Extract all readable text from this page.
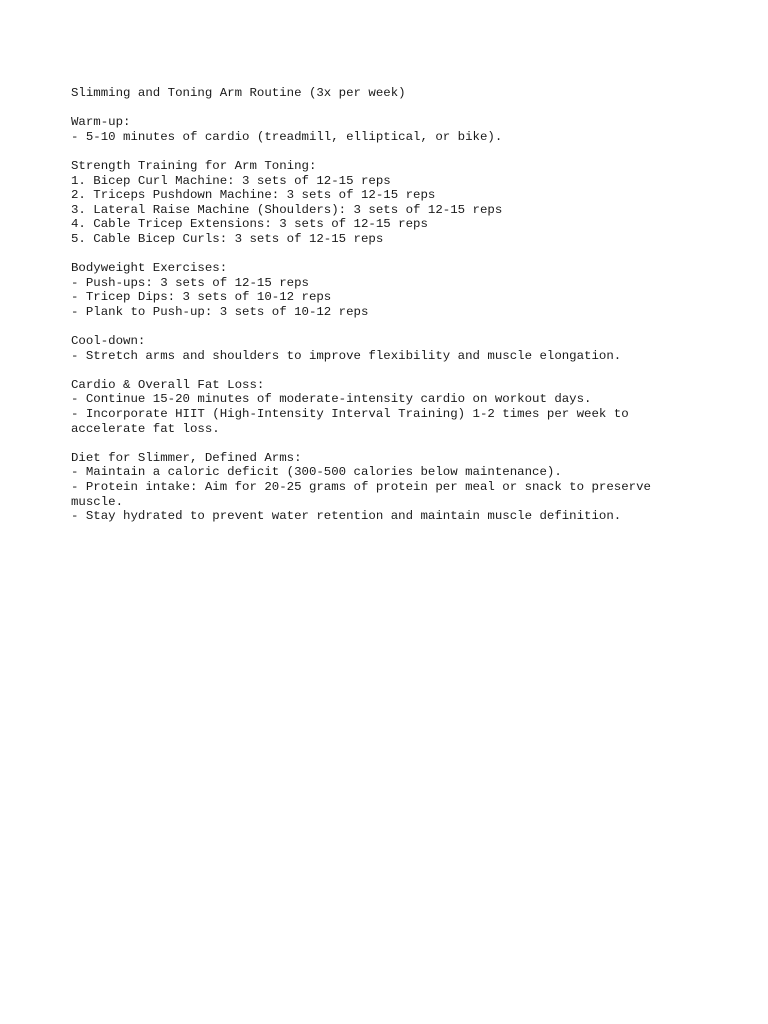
Slimming and Toning Arm Routine (3x per week)
Warm-up:
- 5-10 minutes of cardio (treadmill, elliptical, or bike).
Strength Training for Arm Toning:
1. Bicep Curl Machine: 3 sets of 12-15 reps
2. Triceps Pushdown Machine: 3 sets of 12-15 reps
3. Lateral Raise Machine (Shoulders): 3 sets of 12-15 reps
4. Cable Tricep Extensions: 3 sets of 12-15 reps
5. Cable Bicep Curls: 3 sets of 12-15 reps
Bodyweight Exercises:
- Push-ups: 3 sets of 12-15 reps
- Tricep Dips: 3 sets of 10-12 reps
- Plank to Push-up: 3 sets of 10-12 reps
Cool-down:
- Stretch arms and shoulders to improve flexibility and muscle elongation.
Cardio & Overall Fat Loss:
- Continue 15-20 minutes of moderate-intensity cardio on workout days.
- Incorporate HIIT (High-Intensity Interval Training) 1-2 times per week to
accelerate fat loss.
Diet for Slimmer, Defined Arms:
- Maintain a caloric deficit (300-500 calories below maintenance).
- Protein intake: Aim for 20-25 grams of protein per meal or snack to preserve
muscle.
- Stay hydrated to prevent water retention and maintain muscle definition.
